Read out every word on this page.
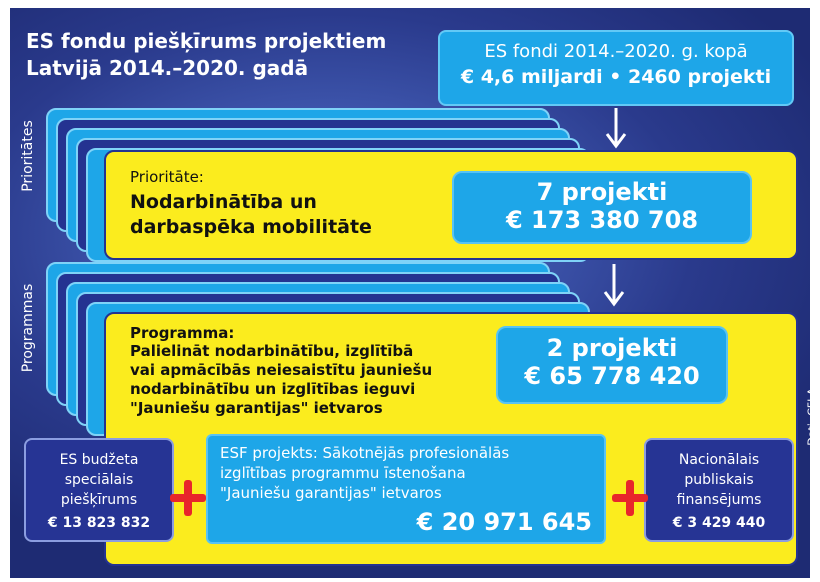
ES fondu piešķīrums projektiem
Latvijā 2014.–2020. gadā
ES fondi 2014.–2020. g. kopā
€ 4,6 miljardi • 2460 projekti
Prioritātes
Programmas
Prioritāte:
Nodarbinātība un
darbaspēka mobilitāte
7 projekti
€ 173 380 708
Programma:
Palielināt nodarbinātību, izglītībā
vai apmācībās neiesaistītu jauniešu
nodarbinātību un izglītības ieguvi
"Jauniešu garantijas" ietvaros
2 projekti
€ 65 778 420
ESF projekts: Sākotnējās profesionālās
izglītības programmu īstenošana
"Jauniešu garantijas" ietvaros
€ 20 971 645
ES budžeta
speciālais
piešķīrums
€ 13 823 832
Nacionālais
publiskais
finansējums
€ 3 429 440
Dati: CFLA
